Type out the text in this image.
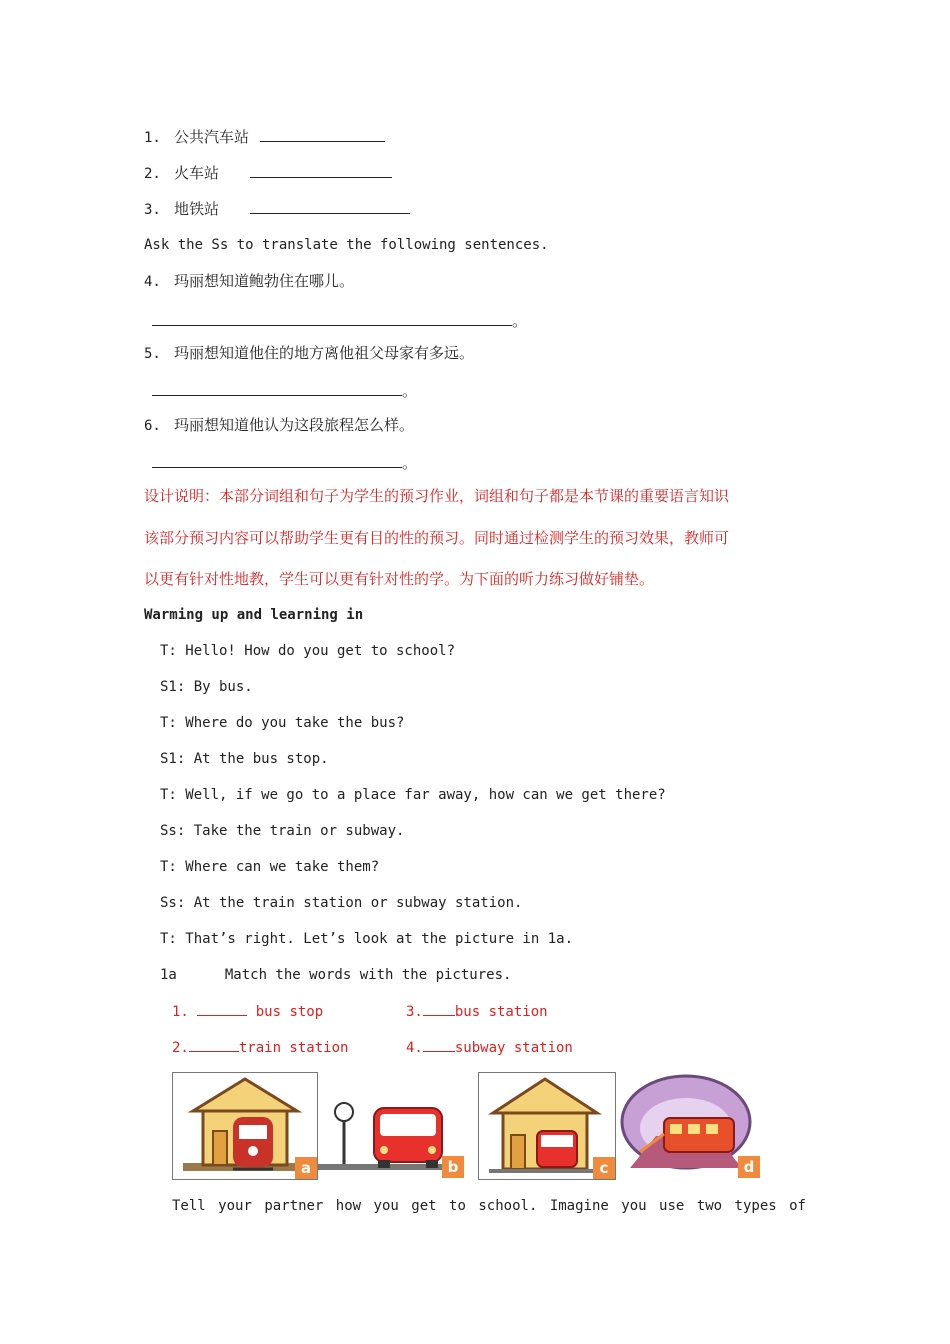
1. 公共汽车站
2. 火车站
3. 地铁站
Ask the Ss to translate the following sentences.
4. 玛丽想知道鲍勃住在哪儿。
。
5. 玛丽想知道他住的地方离他祖父母家有多远。
。
6. 玛丽想知道他认为这段旅程怎么样。
。
设计说明：本部分词组和句子为学生的预习作业，词组和句子都是本节课的重要语言知识
该部分预习内容可以帮助学生更有目的性的预习。同时通过检测学生的预习效果，教师可
以更有针对性地教，学生可以更有针对性的学。为下面的听力练习做好铺垫。
Warming up and learning in
T: Hello! How do you get to school?
S1: By bus.
T: Where do you take the bus?
S1: At the bus stop.
T: Well, if we go to a place far away, how can we get there?
Ss: Take the train or subway.
T: Where can we take them?
Ss: At the train station or subway station.
T: That’s right. Let’s look at the picture in 1a.
1a	Match the words with the pictures.
1.	bus stop	3. bus station
2.	train station	4. subway station
a	b	c	d
Tell your partner how you get to school. Imagine you use two types of
